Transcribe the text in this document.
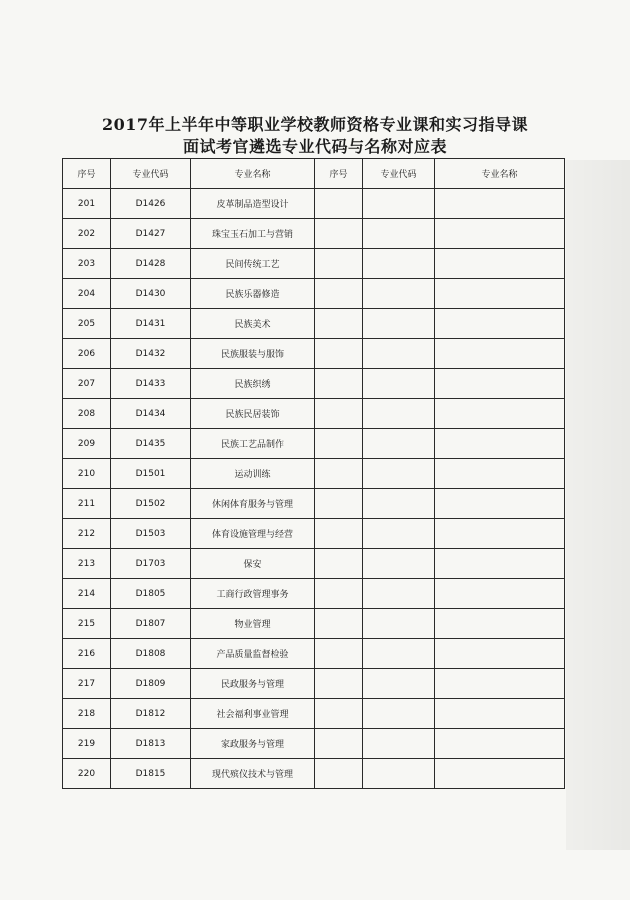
2017年上半年中等职业学校教师资格专业课和实习指导课
面试考官遴选专业代码与名称对应表
序号	专业代码	专业名称	序号	专业代码	专业名称
201	D1426	皮革制品造型设计			
202	D1427	珠宝玉石加工与营销			
203	D1428	民间传统工艺			
204	D1430	民族乐器修造			
205	D1431	民族美术			
206	D1432	民族服装与服饰			
207	D1433	民族织绣			
208	D1434	民族民居装饰			
209	D1435	民族工艺品制作			
210	D1501	运动训练			
211	D1502	休闲体育服务与管理			
212	D1503	体育设施管理与经营			
213	D1703	保安			
214	D1805	工商行政管理事务			
215	D1807	物业管理			
216	D1808	产品质量监督检验			
217	D1809	民政服务与管理			
218	D1812	社会福利事业管理			
219	D1813	家政服务与管理			
220	D1815	现代殡仪技术与管理			
